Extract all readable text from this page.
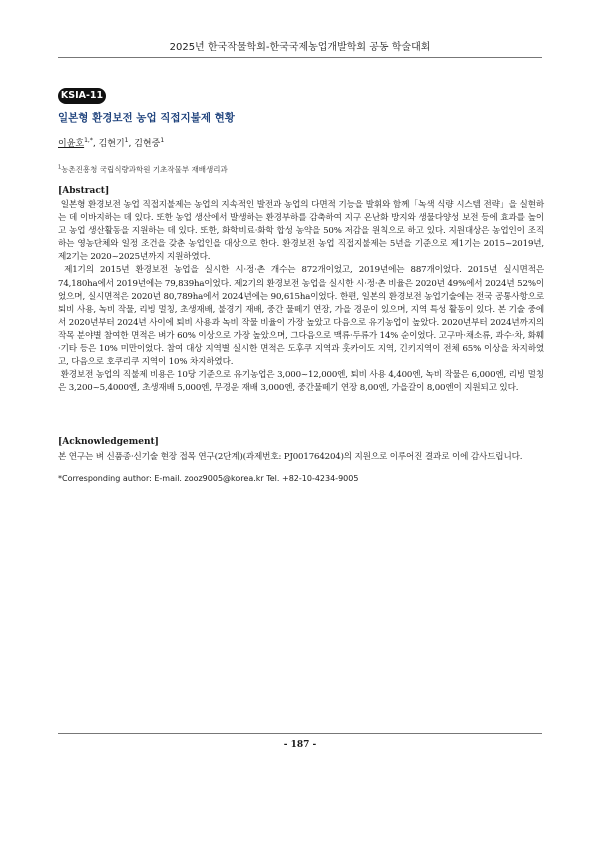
2025년 한국작물학회-한국국제농업개발학회 공동 학술대회
KSIA-11
일본형 환경보전 농업 직접지불제 현황
이윤호$^{1,*}$, 김현기$^1$, 김현중$^1$
$^1$농촌진흥청 국립식량과학원 기초작물부 재배생리과
[Abstract]

일본형 환경보전 농업 직접지불제는 농업의 지속적인 발전과 농업의 다면적 기능을 발휘와 함께「녹색 식량 시스템 전략」을 실현하는 데 이바지하는 데 있다. 또한 농업 생산에서 발생하는 환경부하를 감축하여 지구 온난화 방지와 생물다양성 보전 등에 효과를 높이고 농업 생산활동을 지원하는 데 있다. 또한, 화학비료·화학 합성 농약을 50% 저감을 원칙으로 하고 있다. 지원대상은 농업인이 조직하는 영농단체와 일정 조건을 갖춘 농업인을 대상으로 한다. 환경보전 농업 직접지불제는 5년을 기준으로 제1기는 2015~2019년, 제2기는 2020~2025년까지 지원하였다.

제1기의 2015년 환경보전 농업을 실시한 시·정·촌 개수는 872개이었고, 2019년에는 887개이었다. 2015년 실시면적은 74,180ha에서 2019년에는 79,839ha이었다. 제2기의 환경보전 농업을 실시한 시·정·촌 비율은 2020년 49%에서 2024년 52%이었으며, 실시면적은 2020년 80,789ha에서 2024년에는 90,615ha이었다. 한편, 일본의 환경보전 농업기술에는 전국 공통사항으로 퇴비 사용, 녹비 작물, 리빙 멀칭, 초생재배, 불경기 재배, 중간 물떼기 연장, 가을 경운이 있으며, 지역 특성 활동이 있다. 본 기술 중에서 2020년부터 2024년 사이에 퇴비 사용과 녹비 작물 비율이 가장 높았고 다음으로 유기농업이 높았다. 2020년부터 2024년까지의 작목 분야별 참여한 면적은 벼가 60% 이상으로 가장 높았으며, 그다음으로 맥류·두류가 14% 순이었다. 고구마·채소류, 과수·차, 화훼·기타 등은 10% 미만이었다. 참여 대상 지역별 실시한 면적은 도후쿠 지역과 홋카이도 지역, 긴키지역이 전체 65% 이상을 차지하였고, 다음으로 호쿠리쿠 지역이 10% 차지하였다.

환경보전 농업의 직불제 비용은 10당 기준으로 유기농업은 3,000~12,000엔, 퇴비 사용 4,400엔, 녹비 작물은 6,000엔, 리빙 멀칭은 3,200~5,4000엔, 초생재배 5,000엔, 무경운 재배 3,000엔, 중간물떼기 연장 8,00엔, 가을갈이 8,00엔이 지원되고 있다.

[Acknowledgement]

본 연구는 벼 신품종·신기술 현장 접목 연구(2단계)(과제번호: PJ001764204)의 지원으로 이루어진 결과로 이에 감사드립니다.

*Corresponding author: E-mail. zooz9005@korea.kr Tel. +82-10-4234-9005
- 187 -
